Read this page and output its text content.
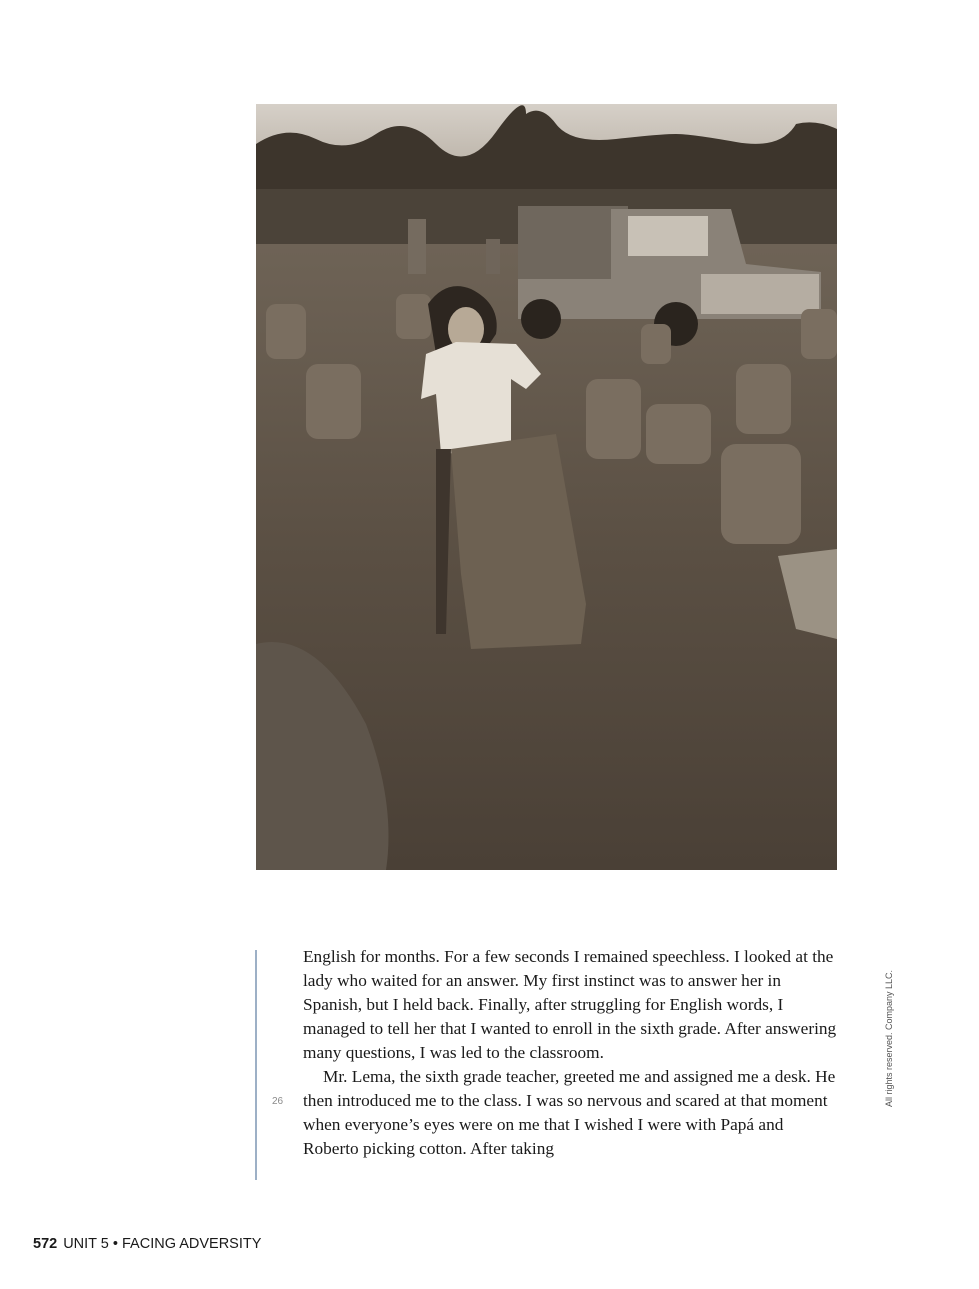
26

English for months. For a few seconds I remained speechless. I looked at the lady who waited for an answer. My first instinct was to answer her in Spanish, but I held back. Finally, after struggling for English words, I managed to tell her that I wanted to enroll in the sixth grade. After answering many questions, I was led to the classroom.

Mr. Lema, the sixth grade teacher, greeted me and assigned me a desk. He then introduced me to the class. I was so nervous and scared at that moment when everyone’s eyes were on me that I wished I were with Papá and Roberto picking cotton. After taking

All rights reserved. Company LLC.
572 UNIT 5 • FACING ADVERSITY
